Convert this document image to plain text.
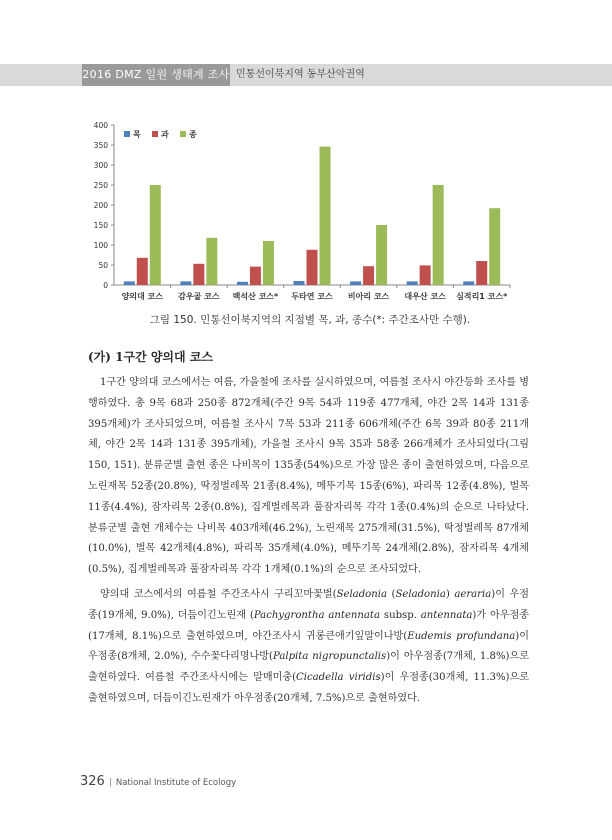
2016 DMZ 일원 생태계 조사 민통선이북지역 동부산악권역
0
50
100
150
200
250
300
350
400
양의대 코스 감우골 코스 백석산 코스* 두타연 코스 비아리 코스 대우산 코스 심적리1 코스*
목	과	종
그림 150. 민통선이북지역의 지점별 목, 과, 종수(*: 주간조사만 수행).
(가) 1구간 양의대 코스

1구간 양의대 코스에서는 여름, 가을철에 조사를 실시하였으며, 여름철 조사시 야간등화 조사를 병행하였다. 총 9목 68과 250종 872개체(주간 9목 54과 119종 477개체, 야간 2목 14과 131종 395개체)가 조사되었으며, 여름철 조사시 7목 53과 211종 606개체(주간 6목 39과 80종 211개체, 야간 2목 14과 131종 395개체), 가을철 조사시 9목 35과 58종 266개체가 조사되었다(그림 150, 151). 분류군별 출현 종은 나비목이 135종(54%)으로 가장 많은 종이 출현하였으며, 다음으로 노린재목 52종(20.8%), 딱정벌레목 21종(8.4%), 메뚜기목 15종(6%), 파리목 12종(4.8%), 벌목 11종(4.4%), 잠자리목 2종(0.8%), 집게벌레목과 풀잠자리목 각각 1종(0.4%)의 순으로 나타났다. 분류군별 출현 개체수는 나비목 403개체(46.2%), 노린재목 275개체(31.5%), 딱정벌레목 87개체(10.0%), 벌목 42개체(4.8%), 파리목 35개체(4.0%), 메뚜기목 24개체(2.8%), 잠자리목 4개체(0.5%), 집게벌레목과 풀잠자리목 각각 1개체(0.1%)의 순으로 조사되었다.

양의대 코스에서의 여름철 주간조사시 구리꼬마꽃벌(Seladonia (Seladonia) aeraria)이 우점종(19개체, 9.0%), 더듬이긴노린재 (Pachygrontha antennata subsp. antennata)가 아우점종(17개체, 8.1%)으로 출현하였으며, 야간조사시 귀롱큰애기잎말이나방(Eudemis profundana)이 우점종(8개체, 2.0%), 수수꽃다리명나방(Palpita nigropunctalis)이 아우점종(7개체, 1.8%)으로 출현하였다. 여름철 주간조사시에는 말매미충(Cicadella viridis)이 우점종(30개체, 11.3%)으로 출현하였으며, 더듬이긴노린재가 아우점종(20개체, 7.5%)으로 출현하였다.

326 | National Institute of Ecology
